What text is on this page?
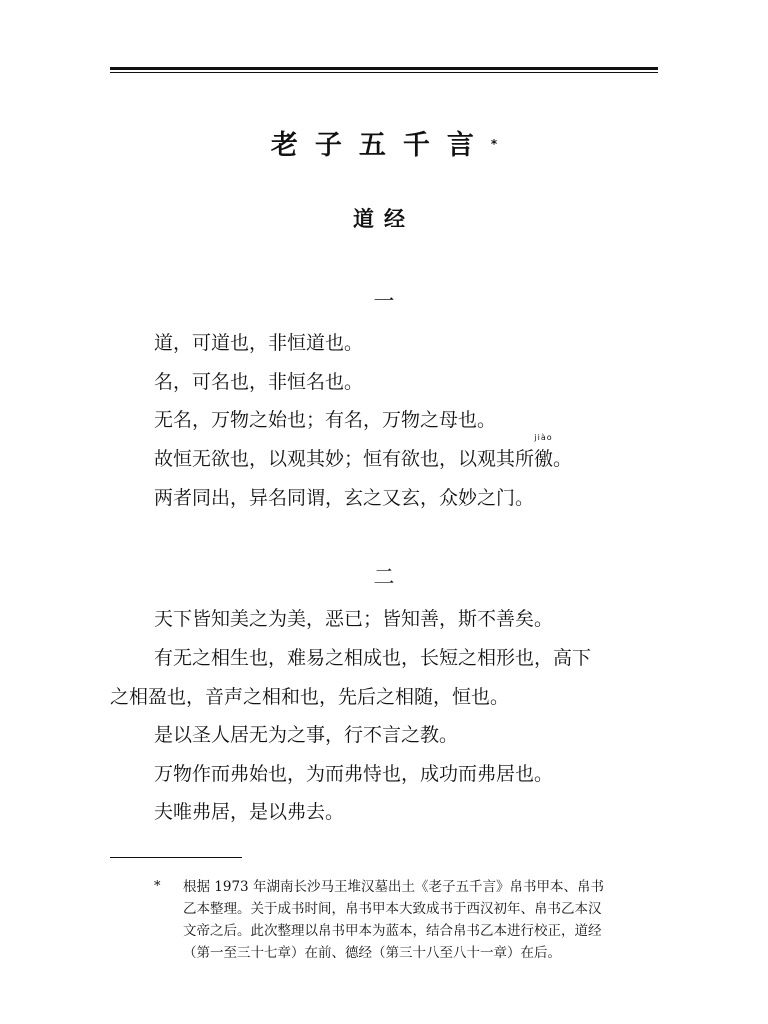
老子五千言*
道经
一
道，可道也，非恒道也。
名，可名也，非恒名也。
无名，万物之始也；有名，万物之母也。
故恒无欲也，以观其妙；恒有欲也，以观其所
jiào
徼。
两者同出，异名同谓，玄之又玄，众妙之门。
二
天下皆知美之为美，恶已；皆知善，斯不善矣。
有无之相生也，难易之相成也，长短之相形也，高下
之相盈也，音声之相和也，先后之相随，恒也。
是以圣人居无为之事，行不言之教。
万物作而弗始也，为而弗恃也，成功而弗居也。
夫唯弗居，是以弗去。
* 根据 1973 年湖南长沙马王堆汉墓出土《老子五千言》帛书甲本、帛书
乙本整理。关于成书时间，帛书甲本大致成书于西汉初年、帛书乙本汉
文帝之后。此次整理以帛书甲本为蓝本，结合帛书乙本进行校正，道经
（第一至三十七章）在前、德经（第三十八至八十一章）在后。
